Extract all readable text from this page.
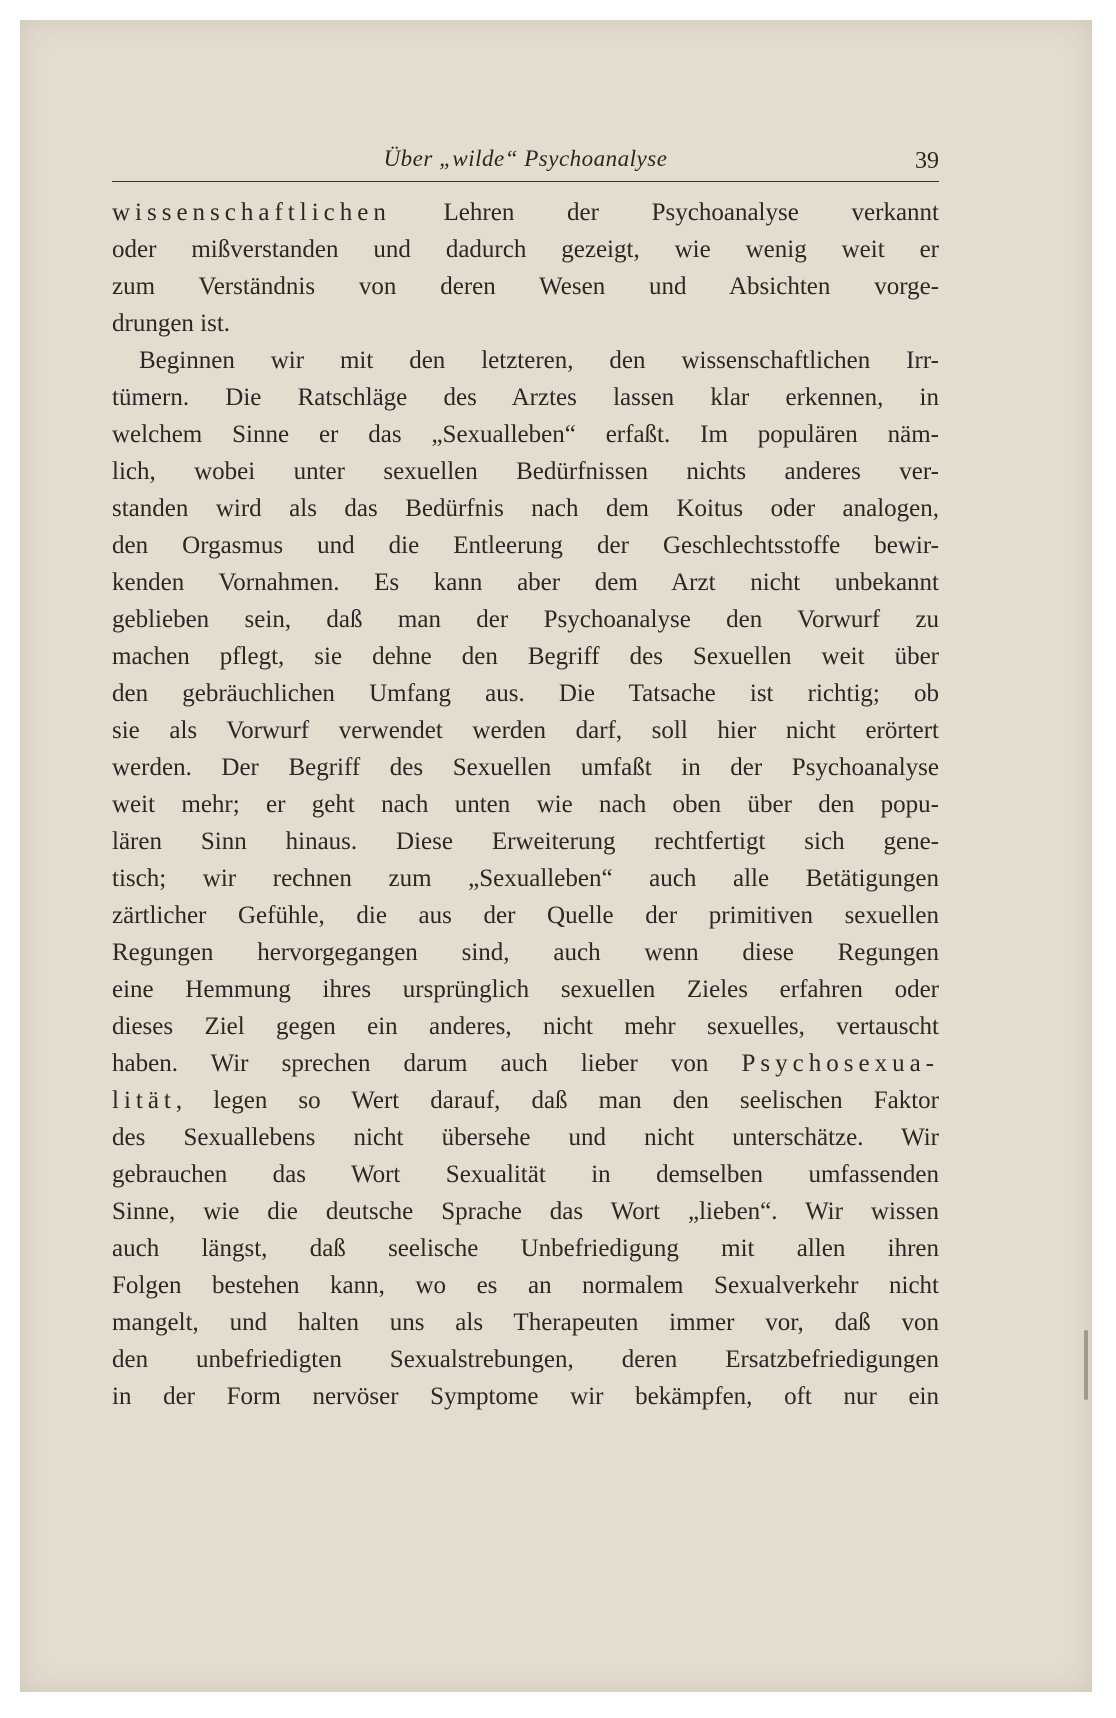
Über „wilde“ Psychoanalyse	39
wissenschaftlichen Lehren der Psychoanalyse verkannt
oder mißverstanden und dadurch gezeigt, wie wenig weit er
zum Verständnis von deren Wesen und Absichten vorge-
drungen ist.
Beginnen wir mit den letzteren, den wissenschaftlichen Irr-
tümern. Die Ratschläge des Arztes lassen klar erkennen, in
welchem Sinne er das „Sexualleben“ erfaßt. Im populären näm-
lich, wobei unter sexuellen Bedürfnissen nichts anderes ver-
standen wird als das Bedürfnis nach dem Koitus oder analogen,
den Orgasmus und die Entleerung der Geschlechtsstoffe bewir-
kenden Vornahmen. Es kann aber dem Arzt nicht unbekannt
geblieben sein, daß man der Psychoanalyse den Vorwurf zu
machen pflegt, sie dehne den Begriff des Sexuellen weit über
den gebräuchlichen Umfang aus. Die Tatsache ist richtig; ob
sie als Vorwurf verwendet werden darf, soll hier nicht erörtert
werden. Der Begriff des Sexuellen umfaßt in der Psychoanalyse
weit mehr; er geht nach unten wie nach oben über den popu-
lären Sinn hinaus. Diese Erweiterung rechtfertigt sich gene-
tisch; wir rechnen zum „Sexualleben“ auch alle Betätigungen
zärtlicher Gefühle, die aus der Quelle der primitiven sexuellen
Regungen hervorgegangen sind, auch wenn diese Regungen
eine Hemmung ihres ursprünglich sexuellen Zieles erfahren oder
dieses Ziel gegen ein anderes, nicht mehr sexuelles, vertauscht
haben. Wir sprechen darum auch lieber von Psychosexua-
lität, legen so Wert darauf, daß man den seelischen Faktor
des Sexuallebens nicht übersehe und nicht unterschätze. Wir
gebrauchen das Wort Sexualität in demselben umfassenden
Sinne, wie die deutsche Sprache das Wort „lieben“. Wir wissen
auch längst, daß seelische Unbefriedigung mit allen ihren
Folgen bestehen kann, wo es an normalem Sexualverkehr nicht
mangelt, und halten uns als Therapeuten immer vor, daß von
den unbefriedigten Sexualstrebungen, deren Ersatzbefriedigungen
in der Form nervöser Symptome wir bekämpfen, oft nur ein
